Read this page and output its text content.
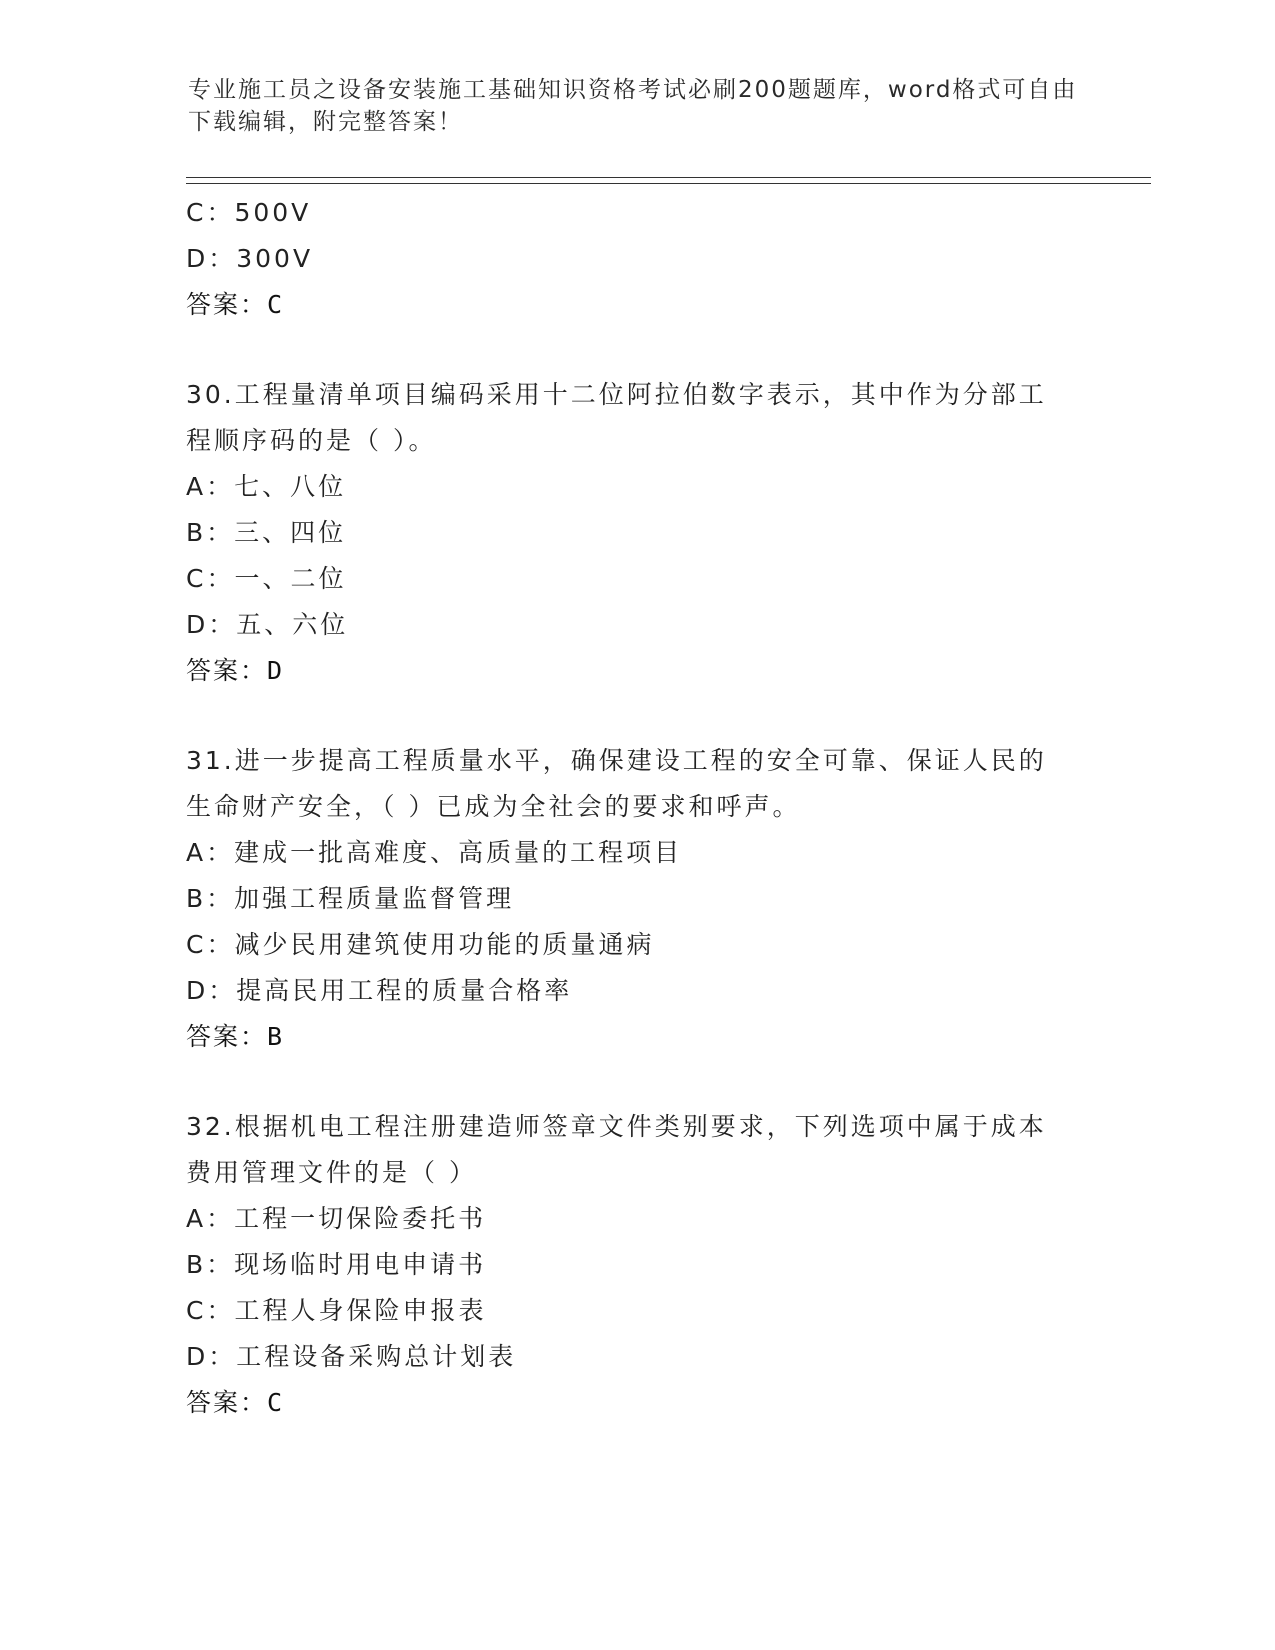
专业施工员之设备安装施工基础知识资格考试必刷200题题库，word格式可自由
下载编辑，附完整答案！
C：500V
D：300V
答案：C
30.工程量清单项目编码采用十二位阿拉伯数字表示，其中作为分部工
程顺序码的是（ ）。
A：七、八位
B：三、四位
C：一、二位
D：五、六位
答案：D
31.进一步提高工程质量水平，确保建设工程的安全可靠、保证人民的
生命财产安全，（ ）已成为全社会的要求和呼声。
A：建成一批高难度、高质量的工程项目
B：加强工程质量监督管理
C：减少民用建筑使用功能的质量通病
D：提高民用工程的质量合格率
答案：B
32.根据机电工程注册建造师签章文件类别要求，下列选项中属于成本
费用管理文件的是（ ）
A：工程一切保险委托书
B：现场临时用电申请书
C：工程人身保险申报表
D：工程设备采购总计划表
答案：C
